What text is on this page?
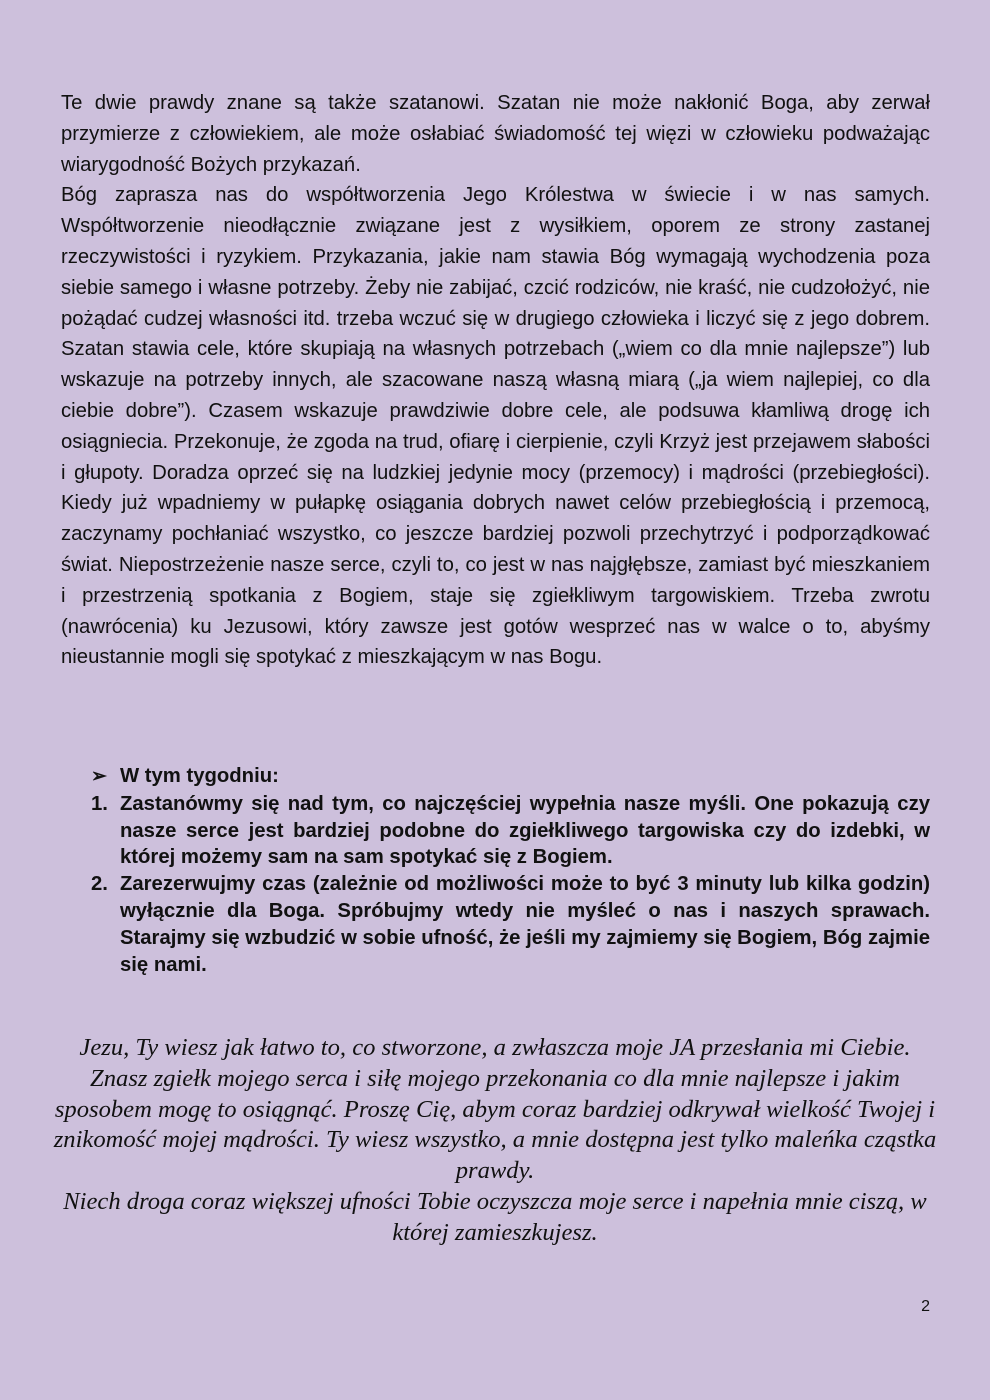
Te dwie prawdy znane są także szatanowi. Szatan nie może nakłonić Boga, aby zerwał przymierze z człowiekiem, ale może osłabiać świadomość tej więzi w człowieku podważając wiarygodność Bożych przykazań.

Bóg zaprasza nas do współtworzenia Jego Królestwa w świecie i w nas samych. Współtworzenie nieodłącznie związane jest z wysiłkiem, oporem ze strony zastanej rzeczywistości i ryzykiem. Przykazania, jakie nam stawia Bóg wymagają wychodzenia poza siebie samego i własne potrzeby. Żeby nie zabijać, czcić rodziców, nie kraść, nie cudzołożyć, nie pożądać cudzej własności itd. trzeba wczuć się w drugiego człowieka i liczyć się z jego dobrem. Szatan stawia cele, które skupiają na własnych potrzebach („wiem co dla mnie najlepsze”) lub wskazuje na potrzeby innych, ale szacowane naszą własną miarą („ja wiem najlepiej, co dla ciebie dobre”). Czasem wskazuje prawdziwie dobre cele, ale podsuwa kłamliwą drogę ich osiągniecia. Przekonuje, że zgoda na trud, ofiarę i cierpienie, czyli Krzyż jest przejawem słabości i głupoty. Doradza oprzeć się na ludzkiej jedynie mocy (przemocy) i mądrości (przebiegłości). Kiedy już wpadniemy w pułapkę osiągania dobrych nawet celów przebiegłością i przemocą, zaczynamy pochłaniać wszystko, co jeszcze bardziej pozwoli przechytrzyć i podporządkować świat. Niepostrzeżenie nasze serce, czyli to, co jest w nas najgłębsze, zamiast być mieszkaniem i przestrzenią spotkania z Bogiem, staje się zgiełkliwym targowiskiem. Trzeba zwrotu (nawrócenia) ku Jezusowi, który zawsze jest gotów wesprzeć nas w walce o to, abyśmy nieustannie mogli się spotykać z mieszkającym w nas Bogu.

➢ W tym tygodniu:
1. Zastanówmy się nad tym, co najczęściej wypełnia nasze myśli. One pokazują czy nasze serce jest bardziej podobne do zgiełkliwego targowiska czy do izdebki, w której możemy sam na sam spotykać się z Bogiem.
2. Zarezerwujmy czas (zależnie od możliwości może to być 3 minuty lub kilka godzin) wyłącznie dla Boga. Spróbujmy wtedy nie myśleć o nas i naszych sprawach. Starajmy się wzbudzić w sobie ufność, że jeśli my zajmiemy się Bogiem, Bóg zajmie się nami.

Jezu, Ty wiesz jak łatwo to, co stworzone, a zwłaszcza moje JA przesłania mi Ciebie. Znasz zgiełk mojego serca i siłę mojego przekonania co dla mnie najlepsze i jakim sposobem mogę to osiągnąć. Proszę Cię, abym coraz bardziej odkrywał wielkość Twojej i znikomość mojej mądrości. Ty wiesz wszystko, a mnie dostępna jest tylko maleńka cząstka prawdy.

Niech droga coraz większej ufności Tobie oczyszcza moje serce i napełnia mnie ciszą, w której zamieszkujesz.

2
